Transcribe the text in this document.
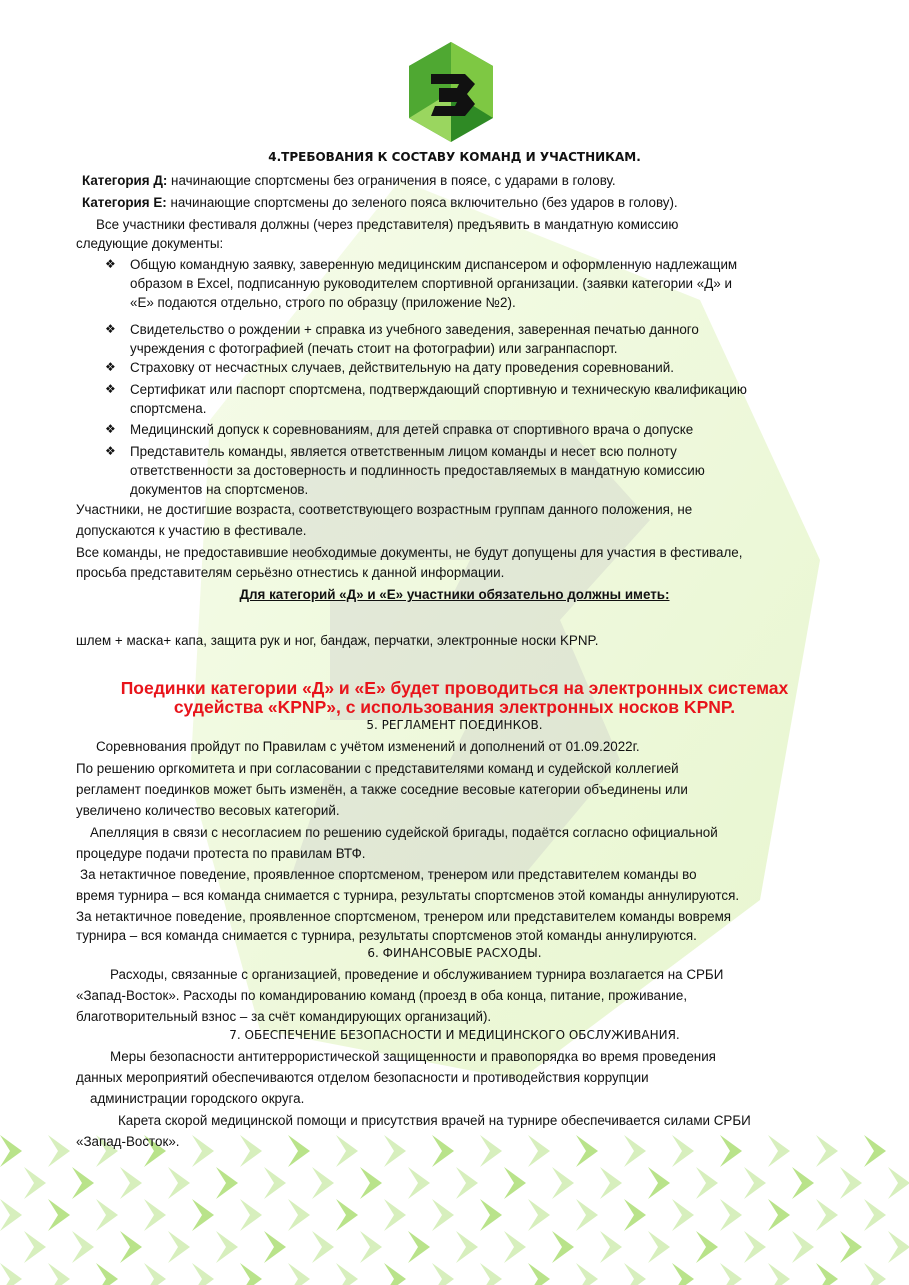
4.ТРЕБОВАНИЯ К СОСТАВУ КОМАНД И УЧАСТНИКАМ.
Категория Д: начинающие спортсмены без ограничения в поясе, с ударами в голову.
Категория Е: начинающие спортсмены до зеленого пояса включительно (без ударов в голову).
Все участники фестиваля должны (через представителя) предъявить в мандатную комиссию
следующие документы:
❖ Общую командную заявку, заверенную медицинским диспансером и оформленную надлежащим
образом в Excel, подписанную руководителем спортивной организации. (заявки категории «Д» и
«Е» подаются отдельно, строго по образцу (приложение №2).
❖ Свидетельство о рождении + справка из учебного заведения, заверенная печатью данного
учреждения с фотографией (печать стоит на фотографии) или загранпаспорт.
❖ Страховку от несчастных случаев, действительную на дату проведения соревнований.
❖ Сертификат или паспорт спортсмена, подтверждающий спортивную и техническую квалификацию
спортсмена.
❖ Медицинский допуск к соревнованиям, для детей справка от спортивного врача о допуске
❖ Представитель команды, является ответственным лицом команды и несет всю полноту
ответственности за достоверность и подлинность предоставляемых в мандатную комиссию
документов на спортсменов.
Участники, не достигшие возраста, соответствующего возрастным группам данного положения, не
допускаются к участию в фестивале.
Все команды, не предоставившие необходимые документы, не будут допущены для участия в фестивале,
просьба представителям серьёзно отнестись к данной информации.
Для категорий «Д» и «Е» участники обязательно должны иметь:
шлем + маска+ капа, защита рук и ног, бандаж, перчатки, электронные носки KPNP.
Поединки категории «Д» и «Е» будет проводиться на электронных системах
судейства «KPNP», с использования электронных носков KPNP.
5. РЕГЛАМЕНТ ПОЕДИНКОВ.
Соревнования пройдут по Правилам с учётом изменений и дополнений от 01.09.2022г.
По решению оргкомитета и при согласовании с представителями команд и судейской коллегией
регламент поединков может быть изменён, а также соседние весовые категории объединены или
увеличено количество весовых категорий.
Апелляция в связи с несогласием по решению судейской бригады, подаётся согласно официальной
процедуре подачи протеста по правилам ВТФ.
За нетактичное поведение, проявленное спортсменом, тренером или представителем команды во
время турнира – вся команда снимается с турнира, результаты спортсменов этой команды аннулируются.
За нетактичное поведение, проявленное спортсменом, тренером или представителем команды вовремя
турнира – вся команда снимается с турнира, результаты спортсменов этой команды аннулируются.
6. ФИНАНСОВЫЕ РАСХОДЫ.
Расходы, связанные с организацией, проведение и обслуживанием турнира возлагается на СРБИ
«Запад-Восток». Расходы по командированию команд (проезд в оба конца, питание, проживание,
благотворительный взнос – за счёт командирующих организаций).
7. ОБЕСПЕЧЕНИЕ БЕЗОПАСНОСТИ И МЕДИЦИНСКОГО ОБСЛУЖИВАНИЯ.
Меры безопасности антитеррористической защищенности и правопорядка во время проведения
данных мероприятий обеспечиваются отделом безопасности и противодействия коррупции
администрации городского округа.
Карета скорой медицинской помощи и присутствия врачей на турнире обеспечивается силами СРБИ
«Запад-Восток».
